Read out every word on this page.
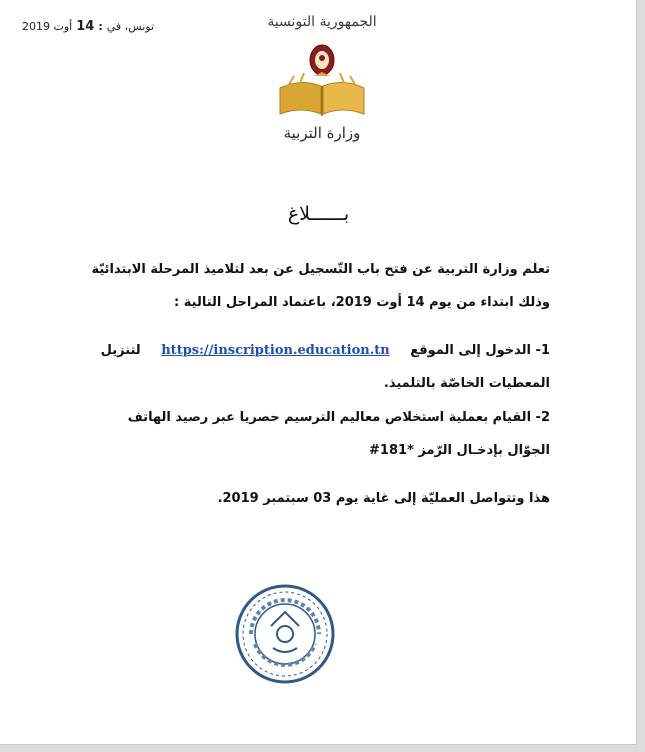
تونس، في
:
14
أوت 2019	الجمهورية التونسية
وزارة التربية
بــــــلاغ
تعلم وزارة التربية عن فتح باب التّسجيل عن بعد لتلاميذ المرحلة الابتدائيّة
وذلك ابتداء من يوم 14 أوت 2019، باعتماد المراحل التالية :
1- الدخول إلى الموقع https://inscription.education.tn لتنزيل
المعطيات الخاصّة بالتلميذ.
2- القيام بعملية استخلاص معاليم الترسيم حصريا عبر رصيد الهاتف
الجوّال بإدخـال الرّمز *181#
هذا وتتواصل العمليّة إلى غاية يوم 03 سبتمبر 2019.
